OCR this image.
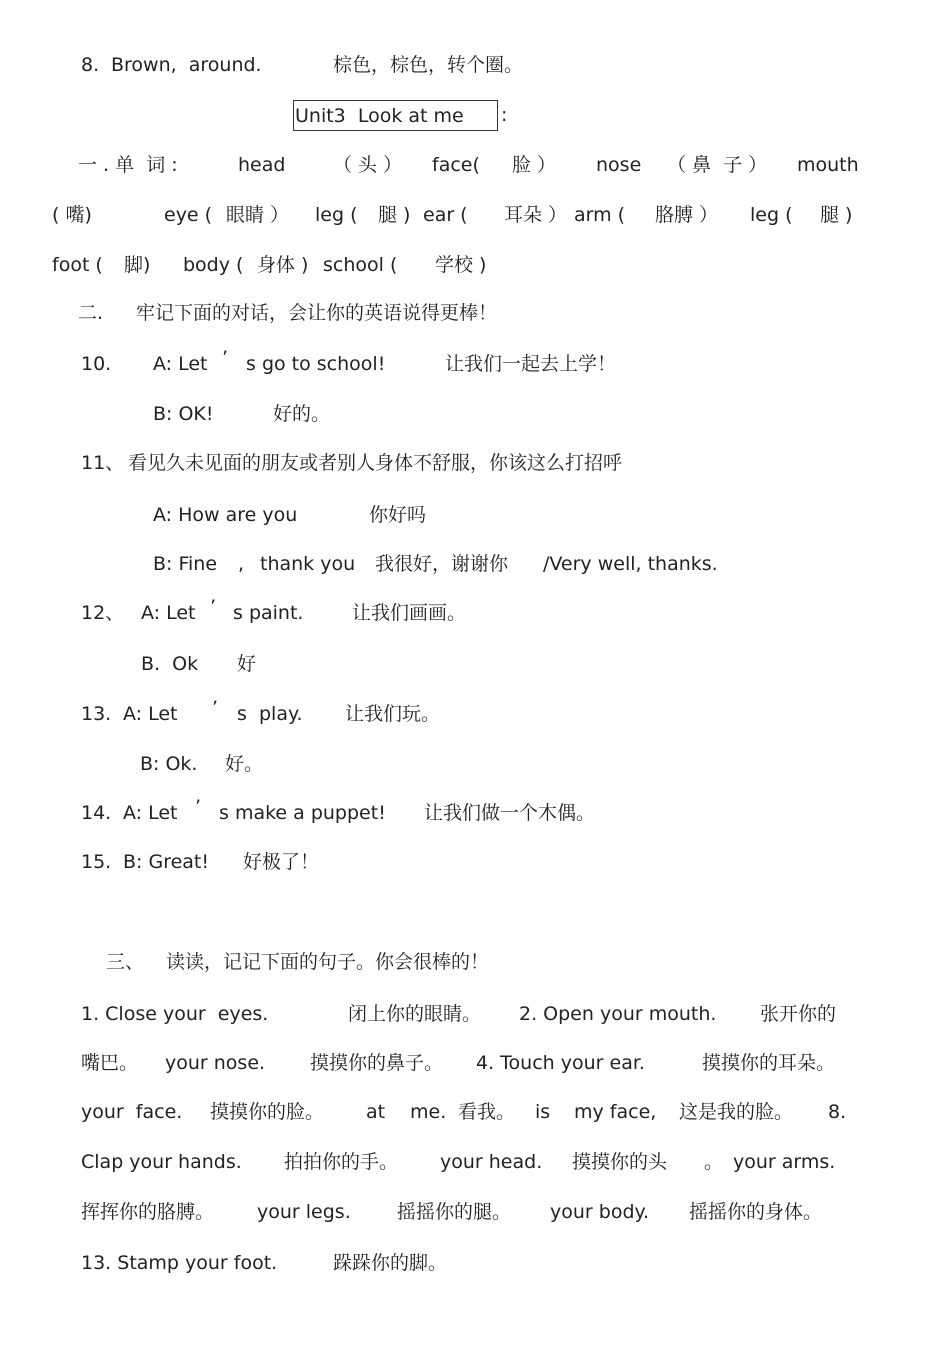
8. Brown,  around.	棕色，棕色，转个圈。
Unit3  Look at me :
一 . 单  词 :	head	（ 头 ） face( 脸 ） nose （ 鼻  子 ） mouth
( 嘴)	eye ( 眼睛 ） leg ( 腿 ) ear ( 耳朵 ） arm ( 胳膊 ） leg ( 腿 )
foot ( 脚) body ( 身体 ) school ( 学校 )
二. 牢记下面的对话，会让你的英语说得更棒！
10. A: Let ’ s go to school!	让我们一起去上学！
B: OK!	好的。
11、 看见久未见面的朋友或者别人身体不舒服，你该这么打招呼
A: How are you	你好吗
B: Fine , thank you 我很好，谢谢你 /Very well, thanks.
12、 A: Let ’ s paint.	让我们画画。
B.  Ok 好
13. A: Let ’ s  play. 让我们玩。
B: Ok. 好。
14. A: Let ’ s make a puppet! 让我们做一个木偶。
15. B: Great! 好极了！
三、 读读，记记下面的句子。你会很棒的！
1. Close your  eyes.	闭上你的眼睛。 2. Open your mouth. 张开你的
嘴巴。 your nose. 摸摸你的鼻子。 4. Touch your ear.	摸摸你的耳朵。
your  face. 摸摸你的脸。 at me. 看我。 is my face, 这是我的脸。 8.
Clap your hands. 拍拍你的手。 your head. 摸摸你的头 。 your arms.
挥挥你的胳膊。 your legs. 摇摇你的腿。 your body. 摇摇你的身体。
13. Stamp your foot.	跺跺你的脚。
